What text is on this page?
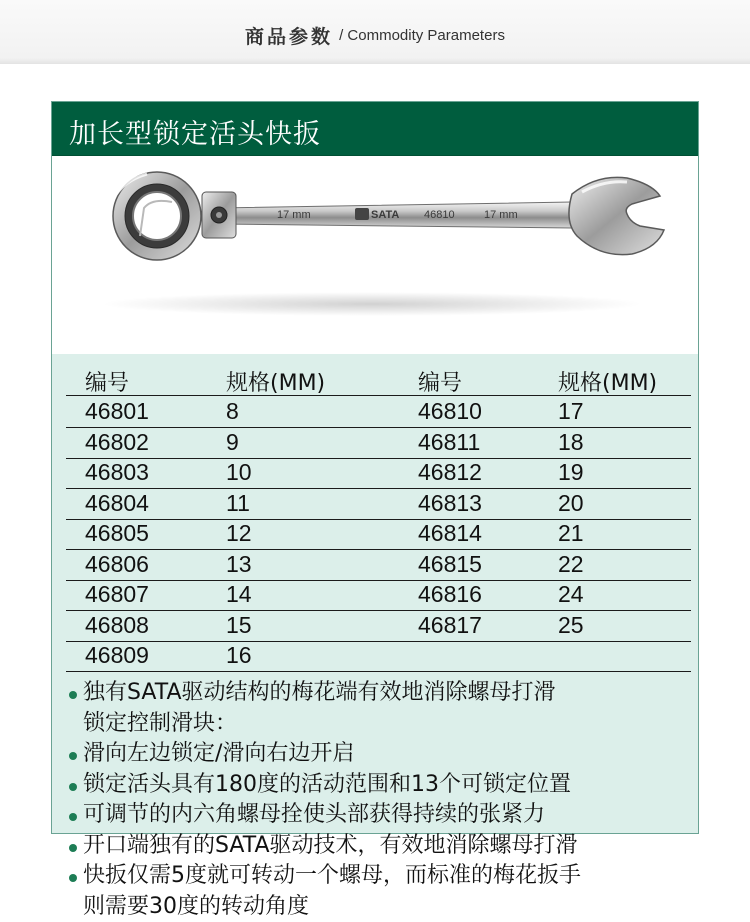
商品参数 / Commodity Parameters
加长型锁定活头快扳
17 mm	SATA 46810	17 mm
编号	规格(MM)	编号	规格(MM)
46801	8	46810	17
46802	9	46811	18
46803	10	46812	19
46804	11	46813	20
46805	12	46814	21
46806	13	46815	22
46807	14	46816	24
46808	15	46817	25
46809	16
独有SATA驱动结构的梅花端有效地消除螺母打滑
锁定控制滑块：
滑向左边锁定/滑向右边开启
锁定活头具有180度的活动范围和13个可锁定位置
可调节的内六角螺母拴使头部获得持续的张紧力
开口端独有的SATA驱动技术，有效地消除螺母打滑
快扳仅需5度就可转动一个螺母，而标准的梅花扳手
则需要30度的转动角度
